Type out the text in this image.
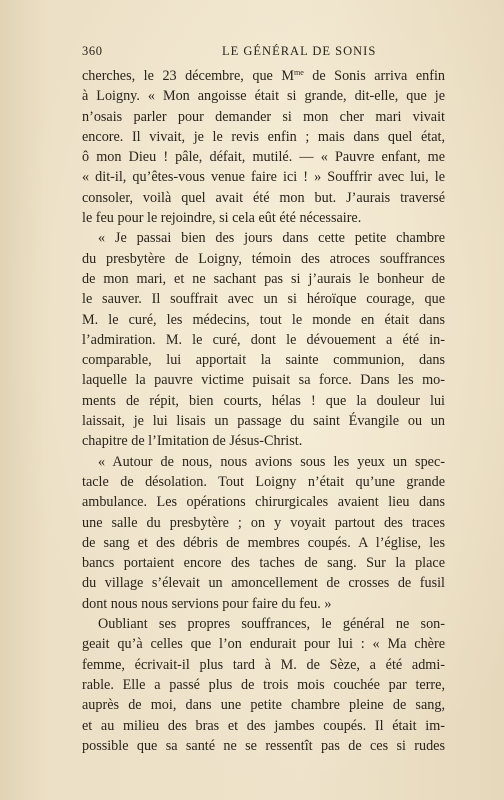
360	LE GÉNÉRAL DE SONIS
cherches, le 23 décembre, que $M^{me}$ de Sonis arriva enfin
à Loigny. « Mon angoisse était si grande, dit-elle, que je
n’osais parler pour demander si mon cher mari vivait
encore. Il vivait, je le revis enfin ; mais dans quel état,
ô mon Dieu ! pâle, défait, mutilé. — « Pauvre enfant, me
« dit-il, qu’êtes-vous venue faire ici ! » Souffrir avec lui, le
consoler, voilà quel avait été mon but. J’aurais traversé
le feu pour le rejoindre, si cela eût été nécessaire.
« Je passai bien des jours dans cette petite chambre
du presbytère de Loigny, témoin des atroces souffrances
de mon mari, et ne sachant pas si j’aurais le bonheur de
le sauver. Il souffrait avec un si héroïque courage, que
M. le curé, les médecins, tout le monde en était dans
l’admiration. M. le curé, dont le dévouement a été in-
comparable, lui apportait la sainte communion, dans
laquelle la pauvre victime puisait sa force. Dans les mo-
ments de répit, bien courts, hélas ! que la douleur lui
laissait, je lui lisais un passage du saint Évangile ou un
chapitre de l’Imitation de Jésus-Christ.
« Autour de nous, nous avions sous les yeux un spec-
tacle de désolation. Tout Loigny n’était qu’une grande
ambulance. Les opérations chirurgicales avaient lieu dans
une salle du presbytère ; on y voyait partout des traces
de sang et des débris de membres coupés. A l’église, les
bancs portaient encore des taches de sang. Sur la place
du village s’élevait un amoncellement de crosses de fusil
dont nous nous servions pour faire du feu. »
Oubliant ses propres souffrances, le général ne son-
geait qu’à celles que l’on endurait pour lui : « Ma chère
femme, écrivait-il plus tard à M. de Sèze, a été admi-
rable. Elle a passé plus de trois mois couchée par terre,
auprès de moi, dans une petite chambre pleine de sang,
et au milieu des bras et des jambes coupés. Il était im-
possible que sa santé ne se ressentît pas de ces si rudes
